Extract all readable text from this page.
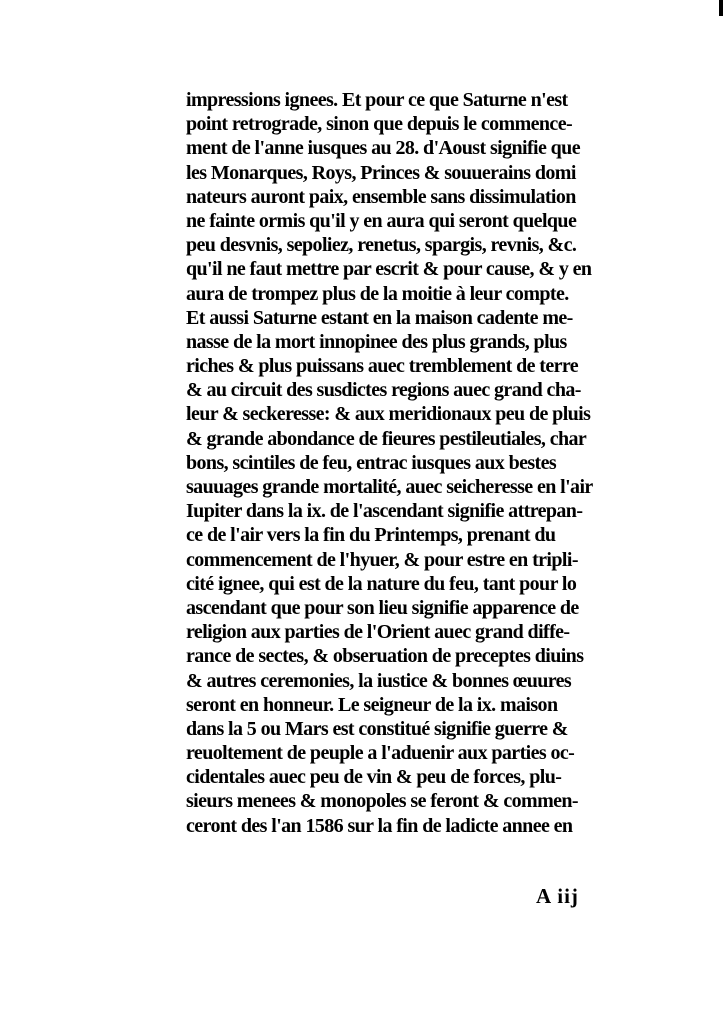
impressions ignees. Et pour ce que Saturne n'est
point retrograde, sinon que depuis le commence-
ment de l'anne iusques au 28. d'Aoust signifie que
les Monarques, Roys, Princes & souuerains domi
nateurs auront paix, ensemble sans dissimulation
ne fainte ormis qu'il y en aura qui seront quelque
peu desvnis, sepoliez, renetus, spargis, revnis, &c.
qu'il ne faut mettre par escrit & pour cause, & y en
aura de trompez plus de la moitie à leur compte.
Et aussi Saturne estant en la maison cadente me-
nasse de la mort innopinee des plus grands, plus
riches & plus puissans auec tremblement de terre
& au circuit des susdictes regions auec grand cha-
leur & seckeresse: & aux meridionaux peu de pluis
& grande abondance de fieures pestileutiales, char
bons, scintiles de feu, entrac iusques aux bestes
sauuages grande mortalité, auec seicheresse en l'air
Iupiter dans la ix. de l'ascendant signifie attrepan-
ce de l'air vers la fin du Printemps, prenant du
commencement de l'hyuer, & pour estre en tripli-
cité ignee, qui est de la nature du feu, tant pour lo
ascendant que pour son lieu signifie apparence de
religion aux parties de l'Orient auec grand diffe-
rance de sectes, & obseruation de preceptes diuins
& autres ceremonies, la iustice & bonnes œuures
seront en honneur. Le seigneur de la ix. maison
dans la 5 ou Mars est constitué signifie guerre &
reuoltement de peuple a l'aduenir aux parties oc-
cidentales auec peu de vin & peu de forces, plu-
sieurs menees & monopoles se feront & commen-
ceront des l'an 1586 sur la fin de ladicte annee en
A iij
